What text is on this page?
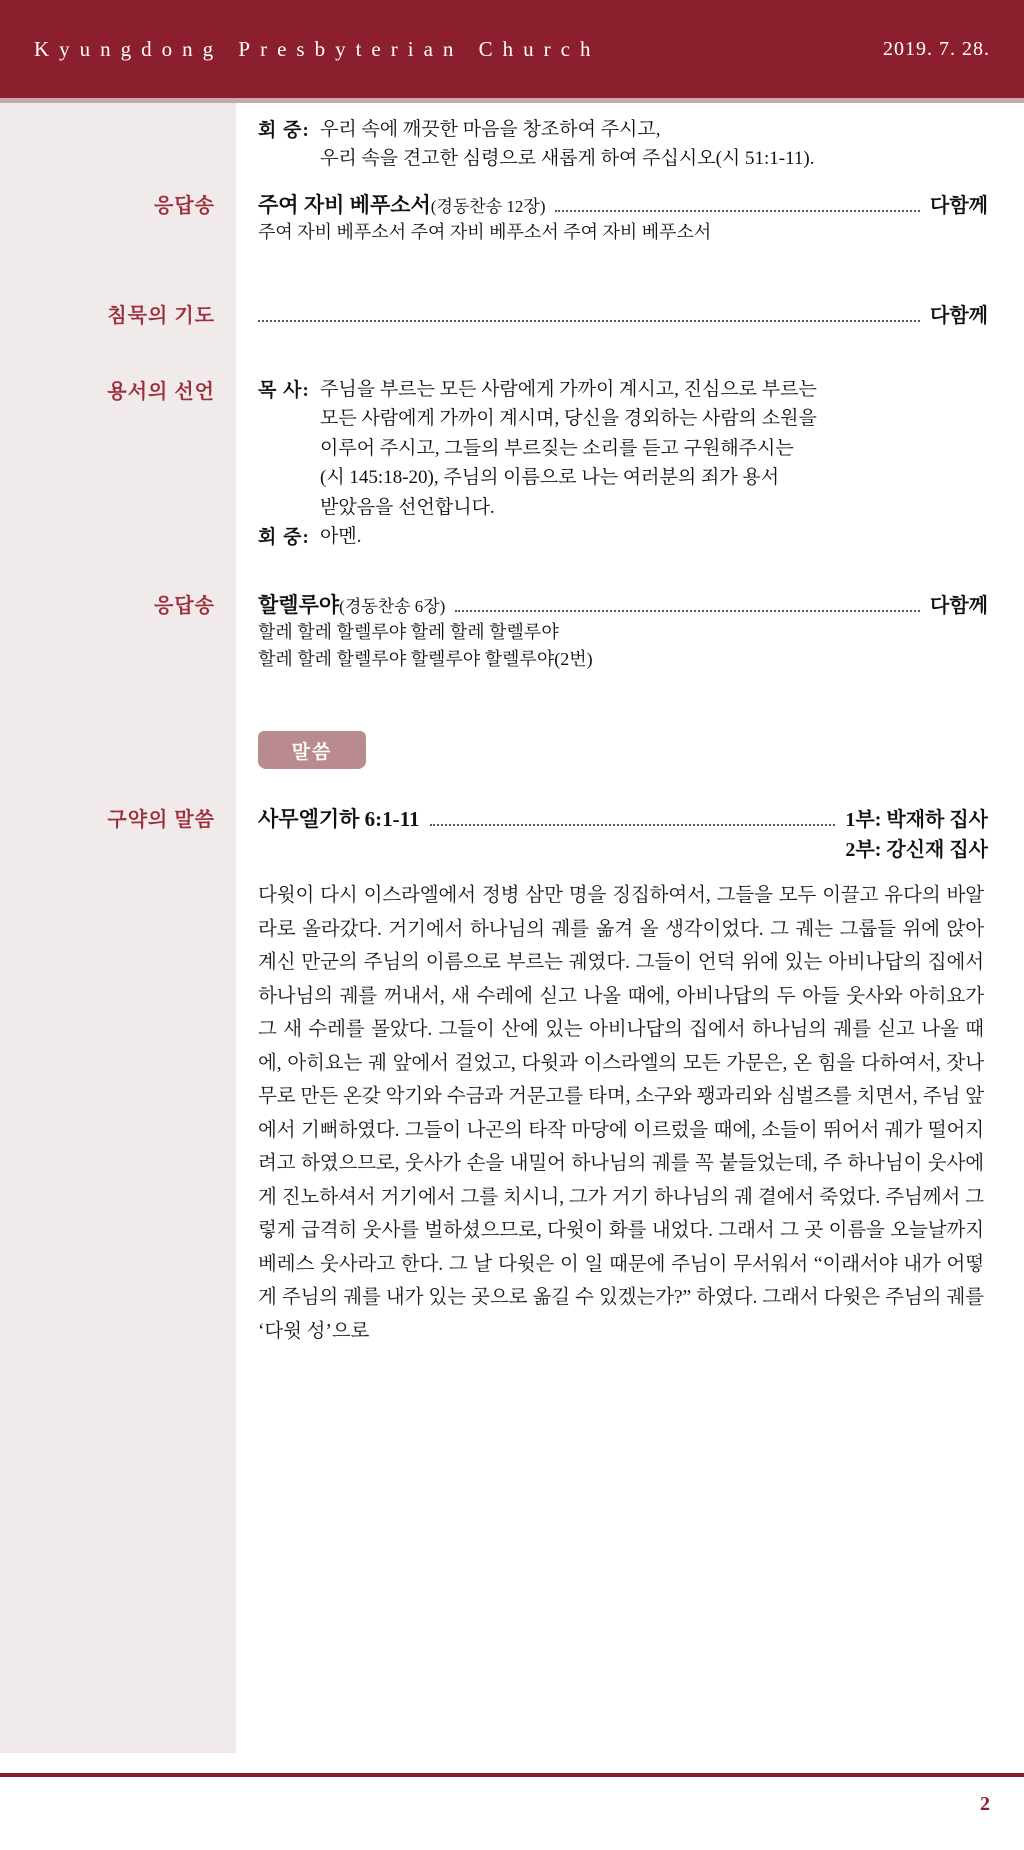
Kyungdong Presbyterian Church	2019. 7. 28.
회 중: 우리 속에 깨끗한 마음을 창조하여 주시고,
우리 속을 견고한 심령으로 새롭게 하여 주십시오(시 51:1-11).
응답송 주여 자비 베푸소서(경동찬송 12장)	다함께
주여 자비 베푸소서 주여 자비 베푸소서 주여 자비 베푸소서
침묵의 기도	다함께
용서의 선언 목 사: 주님을 부르는 모든 사람에게 가까이 계시고, 진심으로 부르는
모든 사람에게 가까이 계시며, 당신을 경외하는 사람의 소원을
이루어 주시고, 그들의 부르짖는 소리를 듣고 구원해주시는
(시 145:18-20), 주님의 이름으로 나는 여러분의 죄가 용서
받았음을 선언합니다.
회 중: 아멘.
응답송 할렐루야(경동찬송 6장)	다함께
할레 할레 할렐루야 할레 할레 할렐루야
할레 할레 할렐루야 할렐루야 할렐루야(2번)
말씀
구약의 말씀 사무엘기하 6:1-11	1부: 박재하 집사
2부: 강신재 집사
다윗이 다시 이스라엘에서 정병 삼만 명을 징집하여서, 그들을 모두 이끌고 유다의 바알라로 올라갔다. 거기에서 하나님의 궤를 옮겨 올 생각이었다. 그 궤는 그룹들 위에 앉아 계신 만군의 주님의 이름으로 부르는 궤였다. 그들이 언덕 위에 있는 아비나답의 집에서 하나님의 궤를 꺼내서, 새 수레에 싣고 나올 때에, 아비나답의 두 아들 웃사와 아히요가 그 새 수레를 몰았다. 그들이 산에 있는 아비나답의 집에서 하나님의 궤를 싣고 나올 때에, 아히요는 궤 앞에서 걸었고, 다윗과 이스라엘의 모든 가문은, 온 힘을 다하여서, 잣나무로 만든 온갖 악기와 수금과 거문고를 타며, 소구와 꽹과리와 심벌즈를 치면서, 주님 앞에서 기뻐하였다. 그들이 나곤의 타작 마당에 이르렀을 때에, 소들이 뛰어서 궤가 떨어지려고 하였으므로, 웃사가 손을 내밀어 하나님의 궤를 꼭 붙들었는데, 주 하나님이 웃사에게 진노하셔서 거기에서 그를 치시니, 그가 거기 하나님의 궤 곁에서 죽었다. 주님께서 그렇게 급격히 웃사를 벌하셨으므로, 다윗이 화를 내었다. 그래서 그 곳 이름을 오늘날까지 베레스 웃사라고 한다. 그 날 다윗은 이 일 때문에 주님이 무서워서 “이래서야 내가 어떻게 주님의 궤를 내가 있는 곳으로 옮길 수 있겠는가?” 하였다. 그래서 다윗은 주님의 궤를 ‘다윗 성’으로
2
